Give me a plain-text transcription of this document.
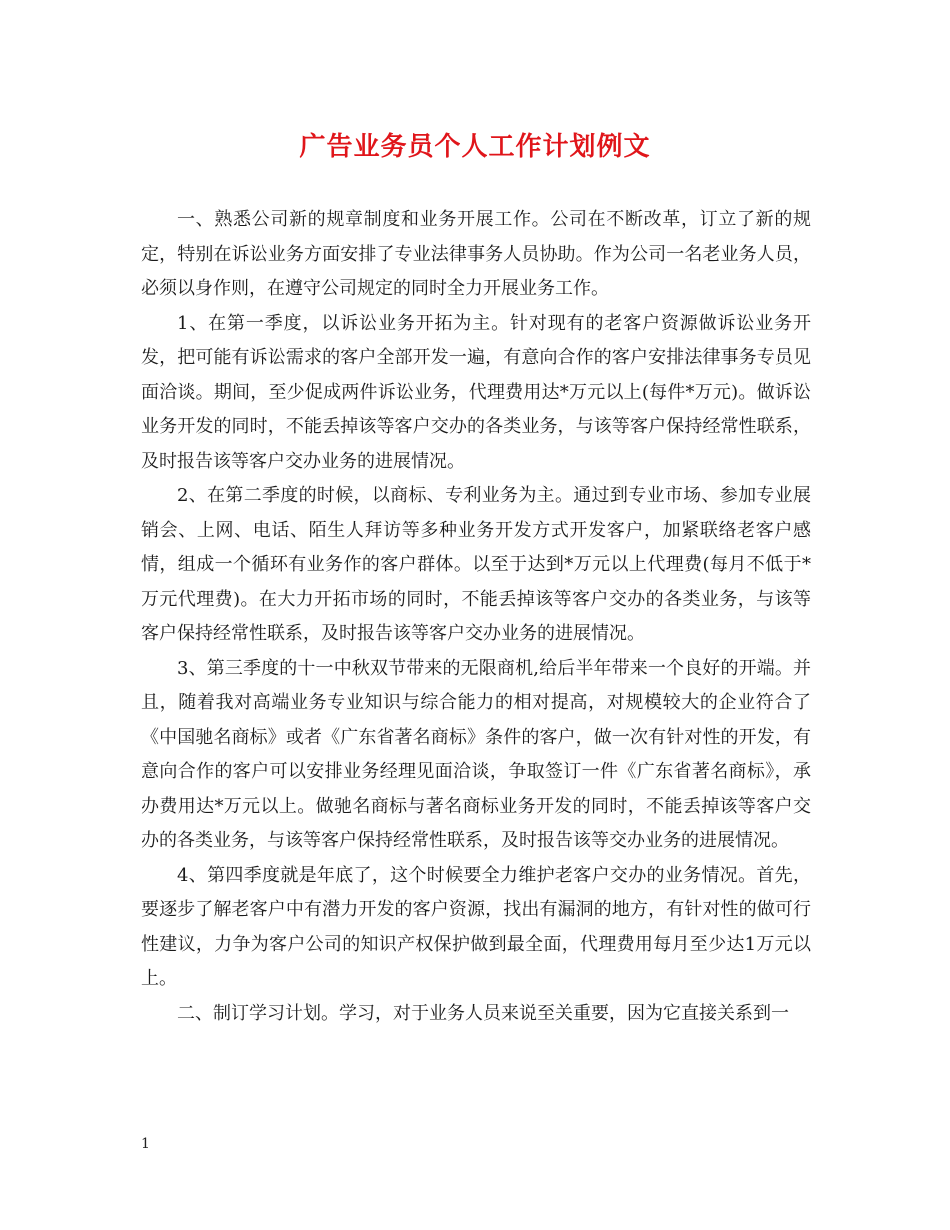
广告业务员个人工作计划例文

一、熟悉公司新的规章制度和业务开展工作。公司在不断改革，订立了新的规定，特别在诉讼业务方面安排了专业法律事务人员协助。作为公司一名老业务人员，必须以身作则，在遵守公司规定的同时全力开展业务工作。

1、在第一季度，以诉讼业务开拓为主。针对现有的老客户资源做诉讼业务开发，把可能有诉讼需求的客户全部开发一遍，有意向合作的客户安排法律事务专员见面洽谈。期间，至少促成两件诉讼业务，代理费用达*万元以上(每件*万元)。做诉讼业务开发的同时，不能丢掉该等客户交办的各类业务，与该等客户保持经常性联系，及时报告该等客户交办业务的进展情况。

2、在第二季度的时候，以商标、专利业务为主。通过到专业市场、参加专业展销会、上网、电话、陌生人拜访等多种业务开发方式开发客户，加紧联络老客户感情，组成一个循环有业务作的客户群体。以至于达到*万元以上代理费(每月不低于*万元代理费)。在大力开拓市场的同时，不能丢掉该等客户交办的各类业务，与该等客户保持经常性联系，及时报告该等客户交办业务的进展情况。

3、第三季度的十一中秋双节带来的无限商机,给后半年带来一个良好的开端。并且，随着我对高端业务专业知识与综合能力的相对提高，对规模较大的企业符合了《中国驰名商标》或者《广东省著名商标》条件的客户，做一次有针对性的开发，有意向合作的客户可以安排业务经理见面洽谈，争取签订一件《广东省著名商标》，承办费用达*万元以上。做驰名商标与著名商标业务开发的同时，不能丢掉该等客户交办的各类业务，与该等客户保持经常性联系，及时报告该等交办业务的进展情况。

4、第四季度就是年底了，这个时候要全力维护老客户交办的业务情况。首先，要逐步了解老客户中有潜力开发的客户资源，找出有漏洞的地方，有针对性的做可行性建议，力争为客户公司的知识产权保护做到最全面，代理费用每月至少达1万元以上。

二、制订学习计划。学习，对于业务人员来说至关重要，因为它直接关系到一

1
